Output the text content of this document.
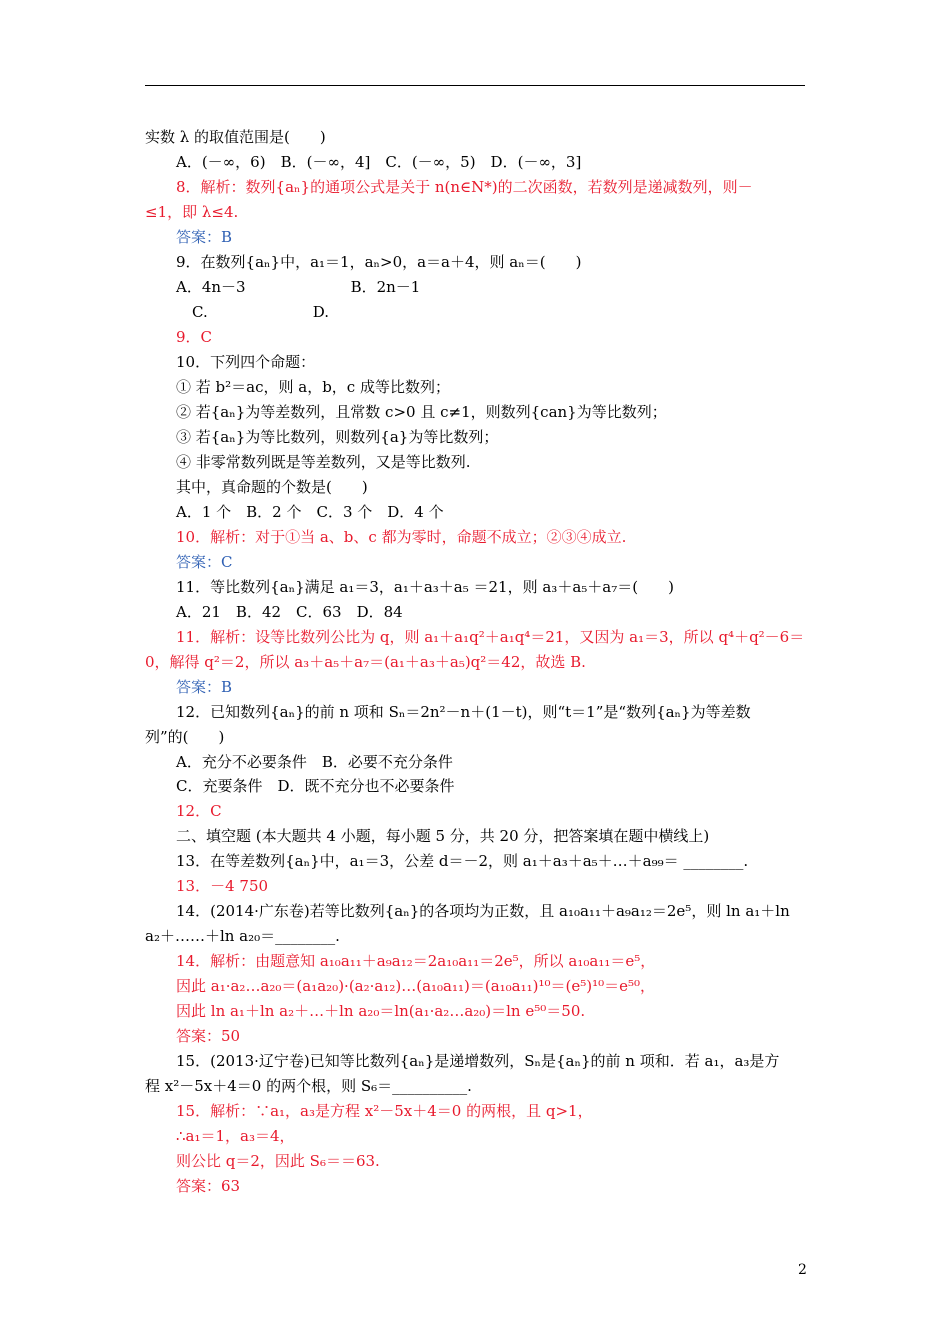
实数 λ 的取值范围是(　　)
A．(－∞，6)　B．(－∞，4]　C．(－∞，5)　D．(－∞，3]
8．解析：数列{aₙ}的通项公式是关于 n(n∈N*)的二次函数，若数列是递减数列，则－
≤1，即 λ≤4.
答案：B
9．在数列{aₙ}中，a₁＝1，aₙ>0，a＝a＋4，则 aₙ＝(　　)
A．4n－3　　　　　　　B．2n－1
C.　　　　　　　D.
9．C
10．下列四个命题：
① 若 b²＝ac，则 a，b，c 成等比数列；
② 若{aₙ}为等差数列，且常数 c>0 且 c≠1，则数列{can}为等比数列；
③ 若{aₙ}为等比数列，则数列{a}为等比数列；
④ 非零常数列既是等差数列，又是等比数列.
其中，真命题的个数是(　　)
A．1 个　B．2 个　C．3 个　D．4 个
10．解析：对于①当 a、b、c 都为零时，命题不成立；②③④成立.
答案：C
11．等比数列{aₙ}满足 a₁＝3，a₁＋a₃＋a₅ ＝21，则 a₃＋a₅＋a₇＝(　　)
A．21　B．42　C．63　D．84
11．解析：设等比数列公比为 q，则 a₁＋a₁q²＋a₁q⁴＝21，又因为 a₁＝3，所以 q⁴＋q²－6＝
0，解得 q²＝2，所以 a₃＋a₅＋a₇＝(a₁＋a₃＋a₅)q²＝42，故选 B.
答案：B
12．已知数列{aₙ}的前 n 项和 Sₙ＝2n²－n＋(1－t)，则“t＝1”是“数列{aₙ}为等差数
列”的(　　)
A．充分不必要条件　B．必要不充分条件
C．充要条件　D．既不充分也不必要条件
12．C
二、填空题 (本大题共 4 小题，每小题 5 分，共 20 分，把答案填在题中横线上)
13．在等差数列{aₙ}中，a₁＝3，公差 d＝－2，则 a₁＋a₃＋a₅＋…＋a₉₉＝ ________.
13．－4 750
14．(2014·广东卷)若等比数列{aₙ}的各项均为正数，且 a₁₀a₁₁＋a₉a₁₂＝2e⁵，则 ln a₁＋ln
a₂＋……＋ln a₂₀＝________.
14．解析：由题意知 a₁₀a₁₁＋a₉a₁₂＝2a₁₀a₁₁＝2e⁵，所以 a₁₀a₁₁＝e⁵，
因此 a₁·a₂…a₂₀＝(a₁a₂₀)·(a₂·a₁₂)…(a₁₀a₁₁)＝(a₁₀a₁₁)¹⁰＝(e⁵)¹⁰＝e⁵⁰，
因此 ln a₁＋ln a₂＋…＋ln a₂₀＝ln(a₁·a₂…a₂₀)＝ln e⁵⁰＝50.
答案：50
15．(2013·辽宁卷)已知等比数列{aₙ}是递增数列，Sₙ是{aₙ}的前 n 项和．若 a₁，a₃是方
程 x²－5x＋4＝0 的两个根，则 S₆＝__________.
15．解析：∵a₁，a₃是方程 x²－5x＋4＝0 的两根，且 q>1，
∴a₁＝1，a₃＝4，
则公比 q＝2，因此 S₆＝＝63.
答案：63
2
